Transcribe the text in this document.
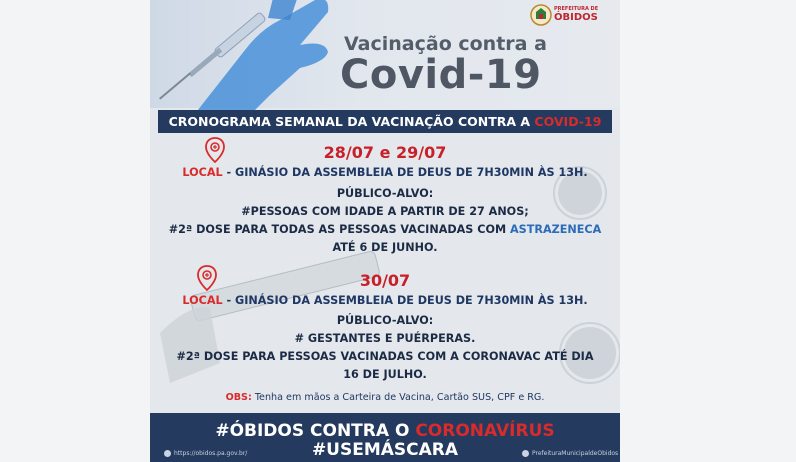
Vacinação contra a
Covid-19
PREFEITURA DE
ÓBIDOS
CRONOGRAMA SEMANAL DA VACINAÇÃO CONTRA A COVID-19
28/07 e 29/07
LOCAL - GINÁSIO DA ASSEMBLEIA DE DEUS DE 7H30MIN ÀS 13H.
PÚBLICO-ALVO:
#PESSOAS COM IDADE A PARTIR DE 27 ANOS;
#2ª DOSE PARA TODAS AS PESSOAS VACINADAS COM ASTRAZENECA
ATÉ 6 DE JUNHO.
30/07
LOCAL - GINÁSIO DA ASSEMBLEIA DE DEUS DE 7H30MIN ÀS 13H.
PÚBLICO-ALVO:
# GESTANTES E PUÉRPERAS.
#2ª DOSE PARA PESSOAS VACINADAS COM A CORONAVAC ATÉ DIA
16 DE JULHO.
OBS: Tenha em mãos a Carteira de Vacina, Cartão SUS, CPF e RG.
#ÓBIDOS CONTRA O CORONAVÍRUS
#USEMÁSCARA
https://obidos.pa.gov.br/	PrefeituraMunicipaldeObidos
